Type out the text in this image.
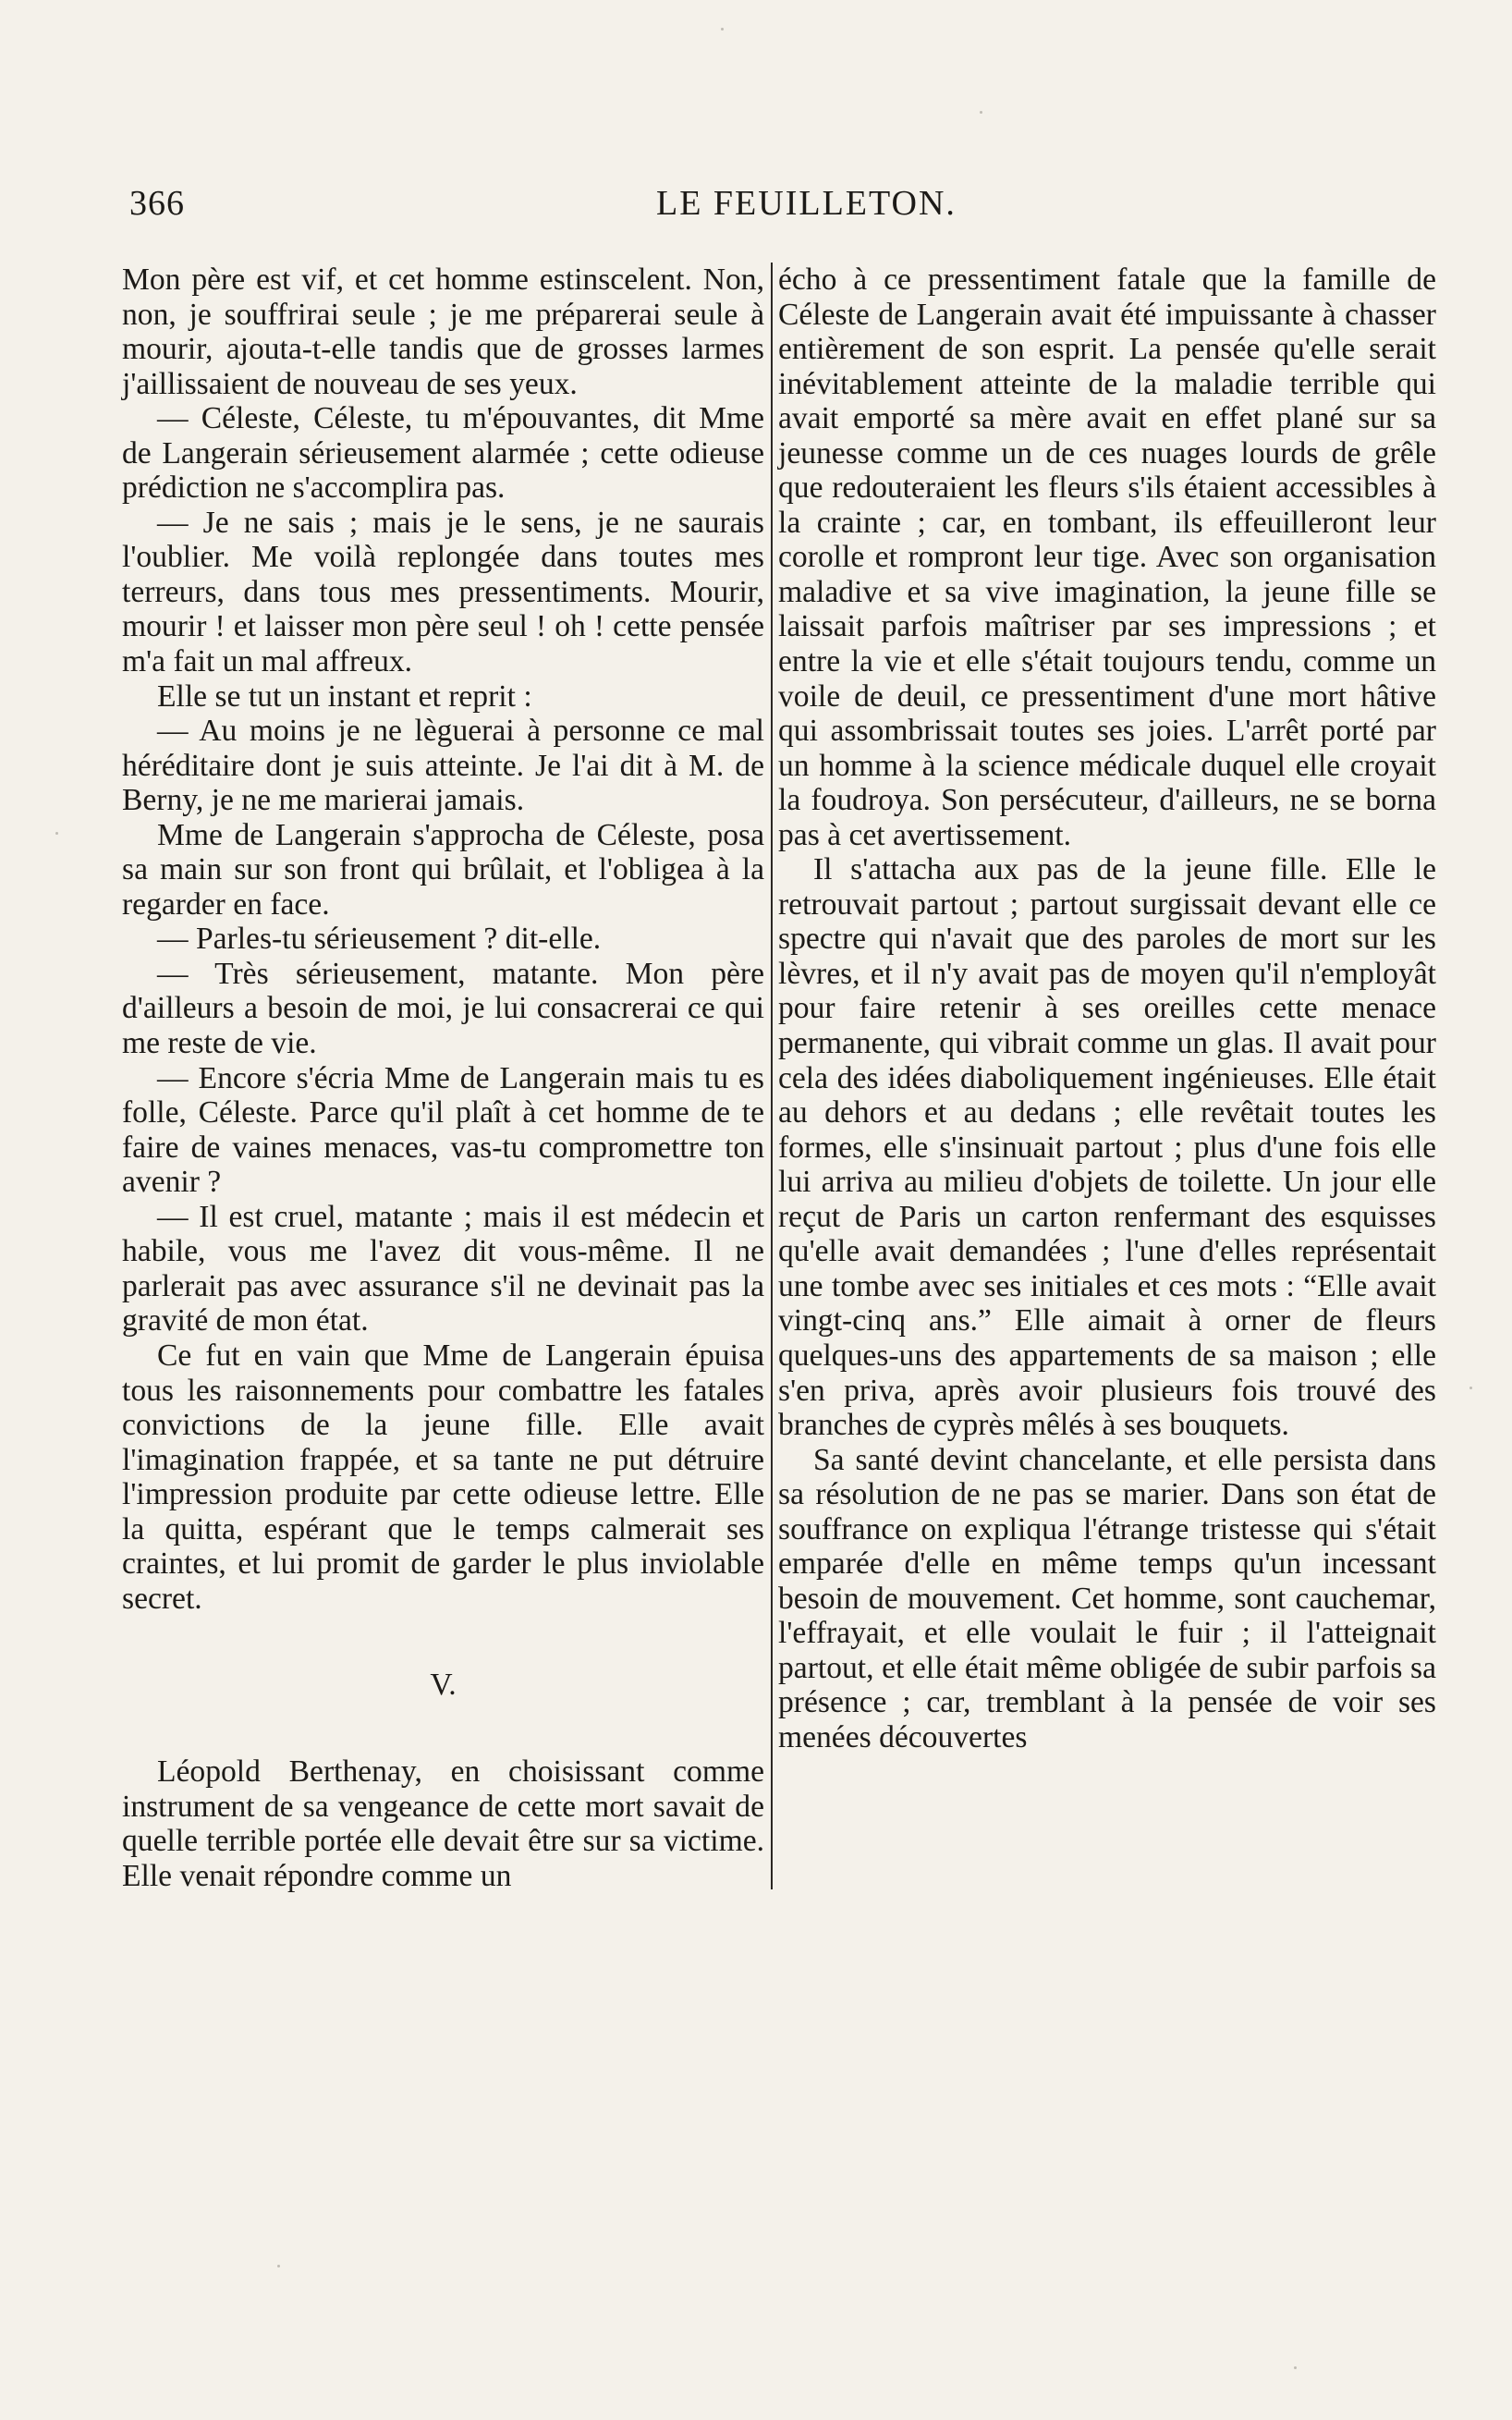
366	LE FEUILLETON.

Mon père est vif, et cet homme estinscelent. Non, non, je souffrirai seule ; je me préparerai seule à mourir, ajouta-t-elle tandis que de grosses larmes j'aillissaient de nouveau de ses yeux.

— Céleste, Céleste, tu m'épouvantes, dit Mme de Langerain sérieusement alarmée ; cette odieuse prédiction ne s'accomplira pas.

— Je ne sais ; mais je le sens, je ne saurais l'oublier. Me voilà replongée dans toutes mes terreurs, dans tous mes pressentiments. Mourir, mourir ! et laisser mon père seul ! oh ! cette pensée m'a fait un mal affreux.

Elle se tut un instant et reprit :

— Au moins je ne lèguerai à personne ce mal héréditaire dont je suis atteinte. Je l'ai dit à M. de Berny, je ne me marierai jamais.

Mme de Langerain s'approcha de Céleste, posa sa main sur son front qui brûlait, et l'obligea à la regarder en face.

— Parles-tu sérieusement ? dit-elle.

— Très sérieusement, matante. Mon père d'ailleurs a besoin de moi, je lui consacrerai ce qui me reste de vie.

— Encore s'écria Mme de Langerain mais tu es folle, Céleste. Parce qu'il plaît à cet homme de te faire de vaines menaces, vas-tu compromettre ton avenir ?

— Il est cruel, matante ; mais il est médecin et habile, vous me l'avez dit vous-même. Il ne parlerait pas avec assurance s'il ne devinait pas la gravité de mon état.

Ce fut en vain que Mme de Langerain épuisa tous les raisonnements pour combattre les fatales convictions de la jeune fille. Elle avait l'imagination frappée, et sa tante ne put détruire l'impression produite par cette odieuse lettre. Elle la quitta, espérant que le temps calmerait ses craintes, et lui promit de garder le plus inviolable secret.

V.

Léopold Berthenay, en choisissant comme instrument de sa vengeance de cette mort savait de quelle terrible portée elle devait être sur sa victime. Elle venait répondre comme un

écho à ce pressentiment fatale que la famille de Céleste de Langerain avait été impuissante à chasser entièrement de son esprit. La pensée qu'elle serait inévitablement atteinte de la maladie terrible qui avait emporté sa mère avait en effet plané sur sa jeunesse comme un de ces nuages lourds de grêle que redouteraient les fleurs s'ils étaient accessibles à la crainte ; car, en tombant, ils effeuilleront leur corolle et rompront leur tige. Avec son organisation maladive et sa vive imagination, la jeune fille se laissait parfois maîtriser par ses impressions ; et entre la vie et elle s'était toujours tendu, comme un voile de deuil, ce pressentiment d'une mort hâtive qui assombrissait toutes ses joies. L'arrêt porté par un homme à la science médicale duquel elle croyait la foudroya. Son persécuteur, d'ailleurs, ne se borna pas à cet avertissement.

Il s'attacha aux pas de la jeune fille. Elle le retrouvait partout ; partout surgissait devant elle ce spectre qui n'avait que des paroles de mort sur les lèvres, et il n'y avait pas de moyen qu'il n'employât pour faire retenir à ses oreilles cette menace permanente, qui vibrait comme un glas. Il avait pour cela des idées diaboliquement ingénieuses. Elle était au dehors et au dedans ; elle revêtait toutes les formes, elle s'insinuait partout ; plus d'une fois elle lui arriva au milieu d'objets de toilette. Un jour elle reçut de Paris un carton renfermant des esquisses qu'elle avait demandées ; l'une d'elles représentait une tombe avec ses initiales et ces mots : “Elle avait vingt-cinq ans.” Elle aimait à orner de fleurs quelques-uns des appartements de sa maison ; elle s'en priva, après avoir plusieurs fois trouvé des branches de cyprès mêlés à ses bouquets.

Sa santé devint chancelante, et elle persista dans sa résolution de ne pas se marier. Dans son état de souffrance on expliqua l'étrange tristesse qui s'était emparée d'elle en même temps qu'un incessant besoin de mouvement. Cet homme, sont cauchemar, l'effrayait, et elle voulait le fuir ; il l'atteignait partout, et elle était même obligée de subir parfois sa présence ; car, tremblant à la pensée de voir ses menées découvertes
